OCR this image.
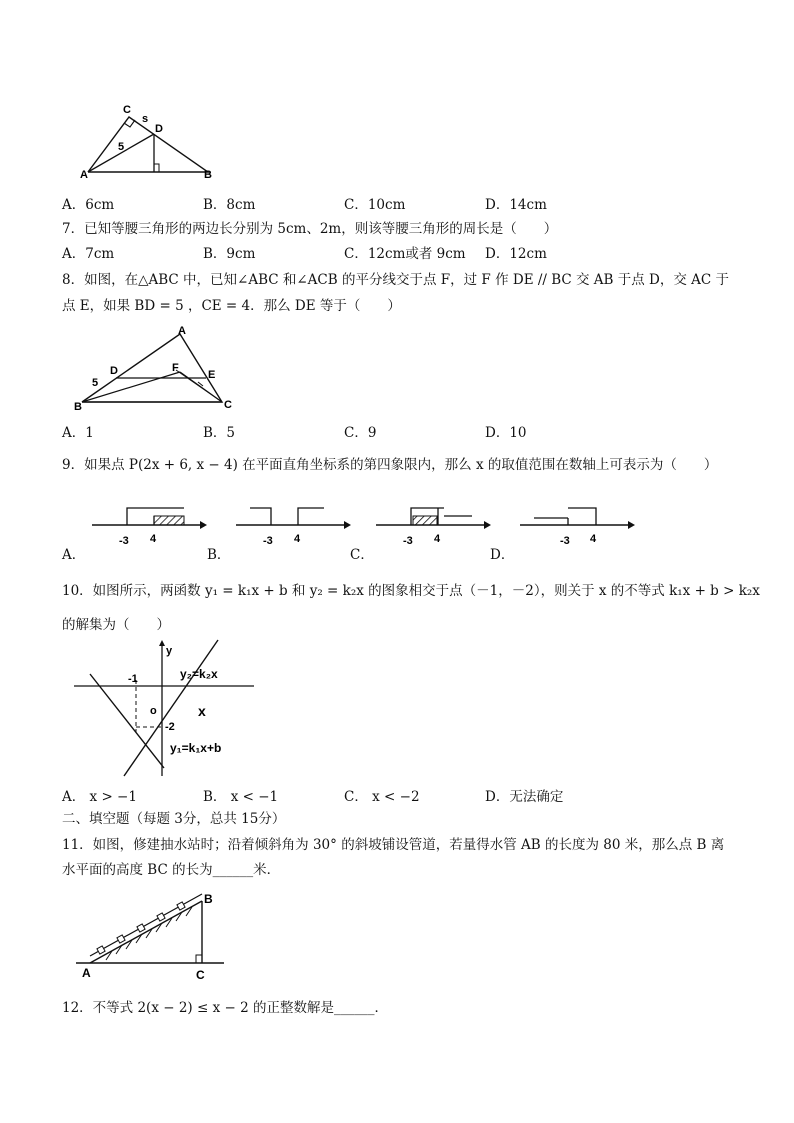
C
D
A	B
s
5
A．6cm	B．8cm	C．10cm	D．14cm
7．已知等腰三角形的两边长分别为 5cm、2m，则该等腰三角形的周长是（　　）
A．7cm	B．9cm	C．12cm或者 9cm D．12cm
8．如图，在△ABC 中，已知∠ABC 和∠ACB 的平分线交于点 F，过 F 作 DE // BC 交 AB 于点 D，交 AC 于
点 E，如果 BD = 5 ，CE = 4．那么 DE 等于（　　）
A
B	C
D	E
F
5
A．1	B．5	C．9	D．10
9．如果点 P(2x + 6, x − 4) 在平面直角坐标系的第四象限内，那么 x 的取值范围在数轴上可表示为（　　）
A．
-3 4
B．
-3 4
C．
-3 4
D．
-3 4
10．如图所示，两函数 y₁ = k₁x + b 和 y₂ = k₂x 的图象相交于点（－1，－2），则关于 x 的不等式 k₁x + b > k₂x
的解集为（　　）
y
x
o
-1
-2
y₂=k₂x
y₁=k₁x+b
A． x > −1	B． x < −1	C． x < −2	D．无法确定
二、填空题（每题 3分，总共 15分）
11．如图，修建抽水站时；沿着倾斜角为 30° 的斜坡铺设管道，若量得水管 AB 的长度为 80 米，那么点 B 离
水平面的高度 BC 的长为______米．
A
B
C
12．不等式 2(x − 2) ≤ x − 2 的正整数解是______．
